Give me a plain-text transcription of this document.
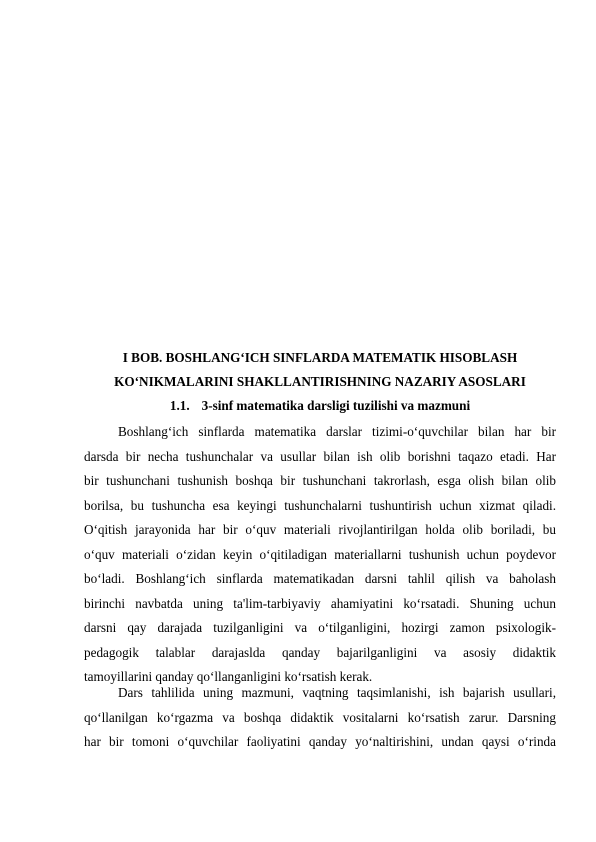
I BOB. BOSHLANG‘ICH SINFLARDA MATEMATIK HISOBLASH
KO‘NIKMALARINI SHAKLLANTIRISHNING NAZARIY ASOSLARI
1.1. 3-sinf matematika darsligi tuzilishi va mazmuni
Boshlang‘ich sinflarda matematika darslar tizimi-o‘quvchilar bilan har bir
darsda bir necha tushunchalar va usullar bilan ish olib borishni taqazo etadi. Har
bir tushunchani tushunish boshqa bir tushunchani takrorlash, esga olish bilan olib
borilsa, bu tushuncha esa keyingi tushunchalarni tushuntirish uchun xizmat qiladi.
O‘qitish jarayonida har bir o‘quv materiali rivojlantirilgan holda olib boriladi, bu
o‘quv materiali o‘zidan keyin o‘qitiladigan materiallarni tushunish uchun poydevor
bo‘ladi. Boshlang‘ich sinflarda matematikadan darsni tahlil qilish va baholash
birinchi navbatda uning ta'lim-tarbiyaviy ahamiyatini ko‘rsatadi. Shuning uchun
darsni qay darajada tuzilganligini va o‘tilganligini, hozirgi zamon psixologik-
pedagogik talablar darajaslda qanday bajarilganligini va asosiy didaktik
tamoyillarini qanday qo‘llanganligini ko‘rsatish kerak.
Dars tahlilida uning mazmuni, vaqtning taqsimlanishi, ish bajarish usullari,
qo‘llanilgan ko‘rgazma va boshqa didaktik vositalarni ko‘rsatish zarur. Darsning
har bir tomoni o‘quvchilar faoliyatini qanday yo‘naltirishini, undan qaysi o‘rinda
